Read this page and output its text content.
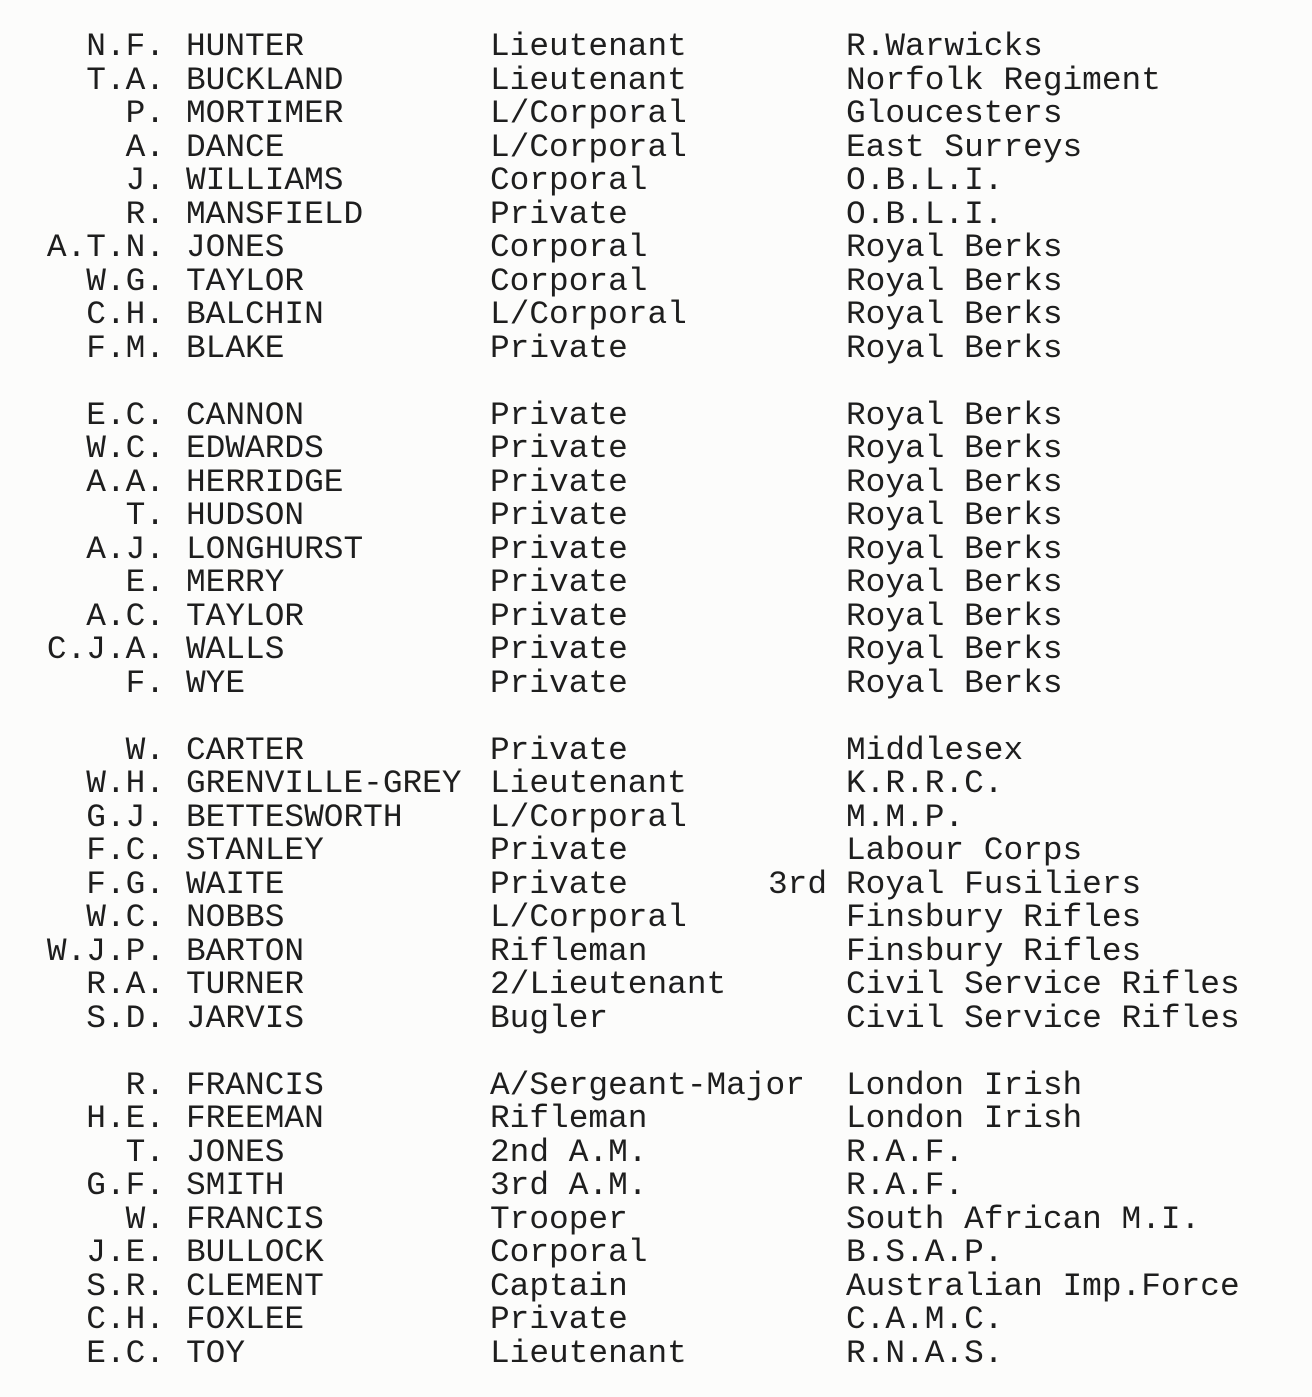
N.F. HUNTER	Lieutenant	R.Warwicks
T.A. BUCKLAND	Lieutenant	Norfolk Regiment
P. MORTIMER	L/Corporal	Gloucesters
A. DANCE	L/Corporal	East Surreys
J. WILLIAMS	Corporal	O.B.L.I.
R. MANSFIELD	Private	O.B.L.I.
A.T.N. JONES	Corporal	Royal Berks
W.G. TAYLOR	Corporal	Royal Berks
C.H. BALCHIN	L/Corporal	Royal Berks
F.M. BLAKE	Private	Royal Berks
E.C. CANNON	Private	Royal Berks
W.C. EDWARDS	Private	Royal Berks
A.A. HERRIDGE	Private	Royal Berks
T. HUDSON	Private	Royal Berks
A.J. LONGHURST	Private	Royal Berks
E. MERRY	Private	Royal Berks
A.C. TAYLOR	Private	Royal Berks
C.J.A. WALLS	Private	Royal Berks
F. WYE	Private	Royal Berks
W. CARTER	Private	Middlesex
W.H. GRENVILLE-GREY Lieutenant	K.R.R.C.
G.J. BETTESWORTH	L/Corporal	M.M.P.
F.C. STANLEY	Private	Labour Corps
F.G. WAITE	Private	3rd Royal Fusiliers
W.C. NOBBS	L/Corporal	Finsbury Rifles
W.J.P. BARTON	Rifleman	Finsbury Rifles
R.A. TURNER	2/Lieutenant	Civil Service Rifles
S.D. JARVIS	Bugler	Civil Service Rifles
R. FRANCIS	A/Sergeant-Major London Irish
H.E. FREEMAN	Rifleman	London Irish
T. JONES	2nd A.M.	R.A.F.
G.F. SMITH	3rd A.M.	R.A.F.
W. FRANCIS	Trooper	South African M.I.
J.E. BULLOCK	Corporal	B.S.A.P.
S.R. CLEMENT	Captain	Australian Imp.Force
C.H. FOXLEE	Private	C.A.M.C.
E.C. TOY	Lieutenant	R.N.A.S.
